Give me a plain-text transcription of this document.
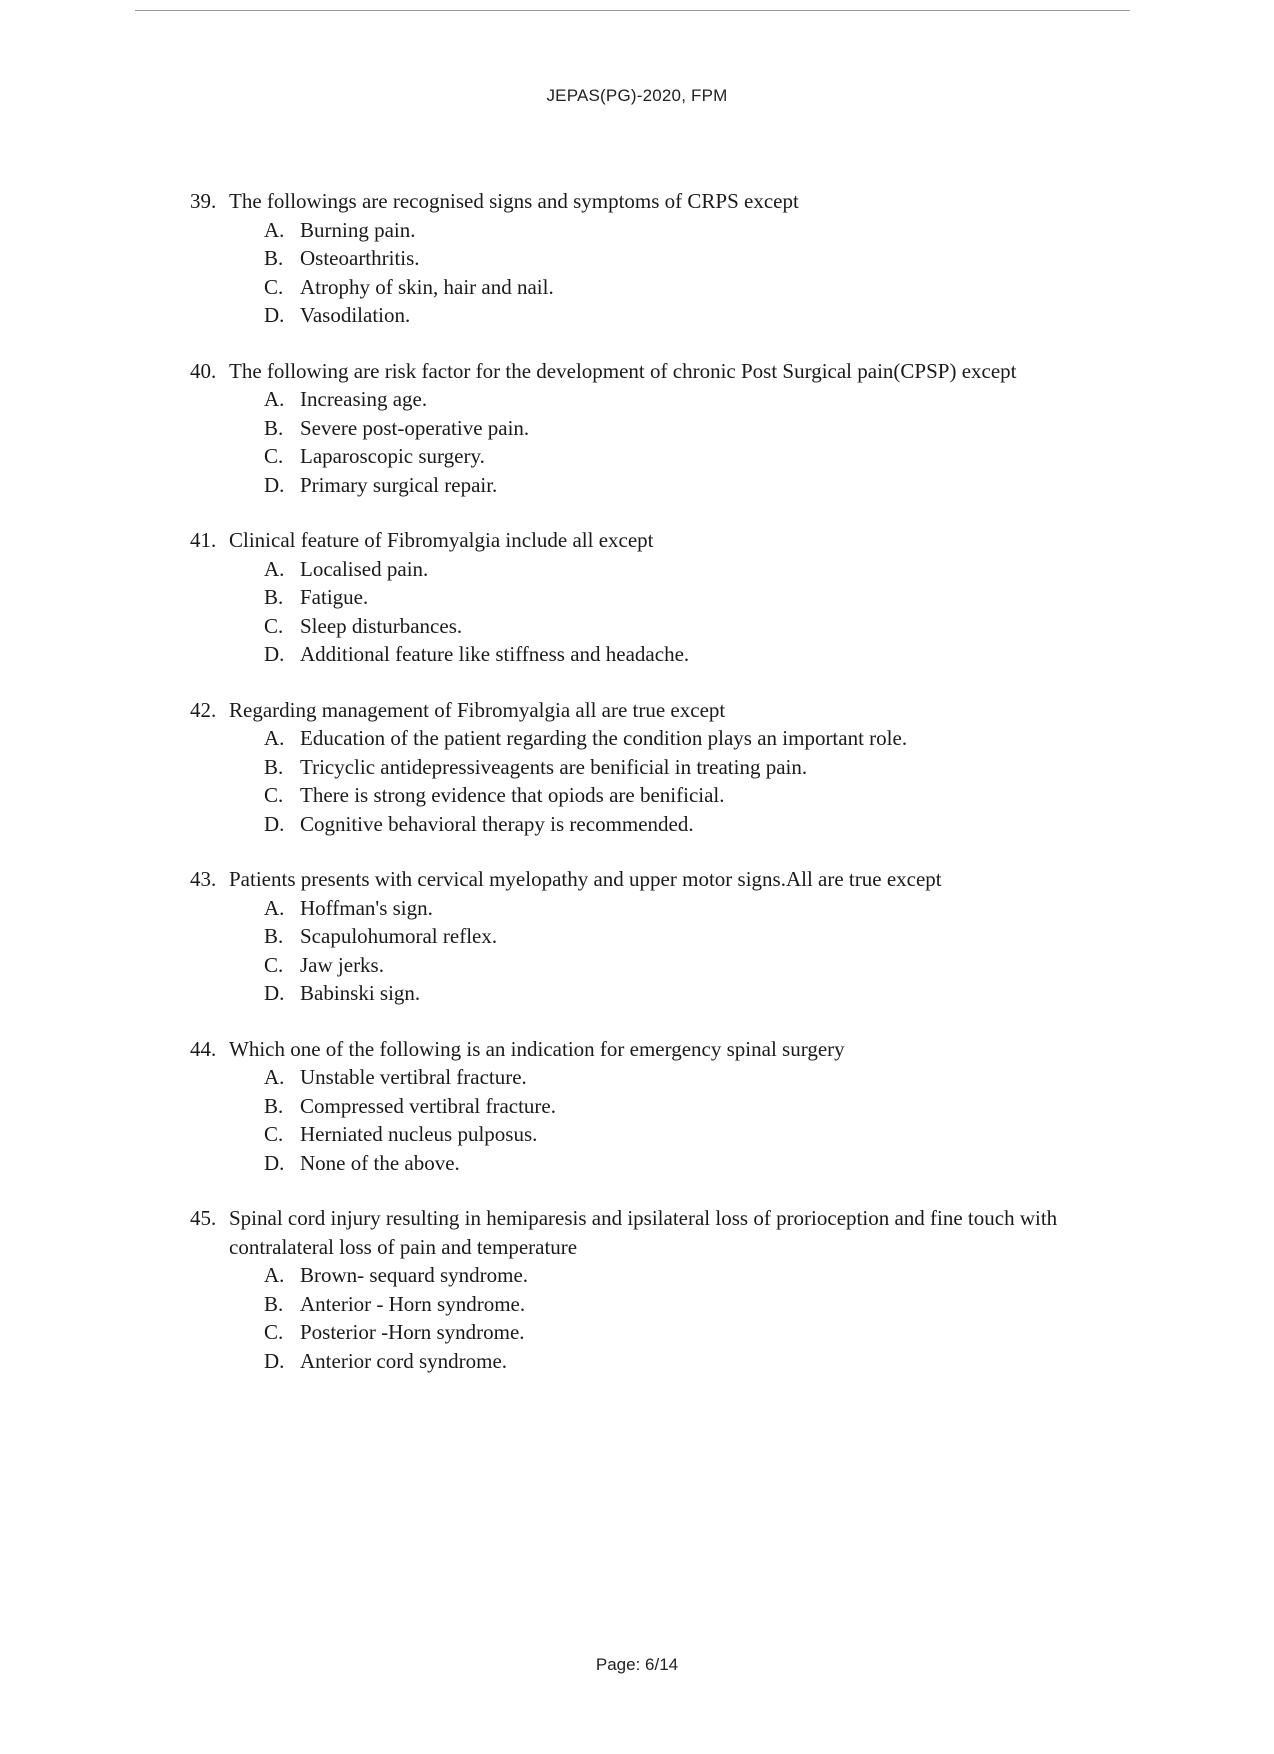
JEPAS(PG)-2020, FPM
39. The followings are recognised signs and symptoms of CRPS except
A. Burning pain.
B. Osteoarthritis.
C. Atrophy of skin, hair and nail.
D. Vasodilation.
40. The following are risk factor for the development of chronic Post Surgical pain(CPSP) except
A. Increasing age.
B. Severe post-operative pain.
C. Laparoscopic surgery.
D. Primary surgical repair.
41. Clinical feature of Fibromyalgia include all except
A. Localised pain.
B. Fatigue.
C. Sleep disturbances.
D. Additional feature like stiffness and headache.
42. Regarding management of Fibromyalgia all are true except
A. Education of the patient regarding the condition plays an important role.
B. Tricyclic antidepressiveagents are benificial in treating pain.
C. There is strong evidence that opiods are benificial.
D. Cognitive behavioral therapy is recommended.
43. Patients presents with cervical myelopathy and upper motor signs.All are true except
A. Hoffman's sign.
B. Scapulohumoral reflex.
C. Jaw jerks.
D. Babinski sign.
44. Which one of the following is an indication for emergency spinal surgery
A. Unstable vertibral fracture.
B. Compressed vertibral fracture.
C. Herniated nucleus pulposus.
D. None of the above.
45. Spinal cord injury resulting in hemiparesis and ipsilateral loss of prorioception and fine touch with contralateral loss of pain and temperature
A. Brown- sequard syndrome.
B. Anterior - Horn syndrome.
C. Posterior -Horn syndrome.
D. Anterior cord syndrome.
Page: 6/14
